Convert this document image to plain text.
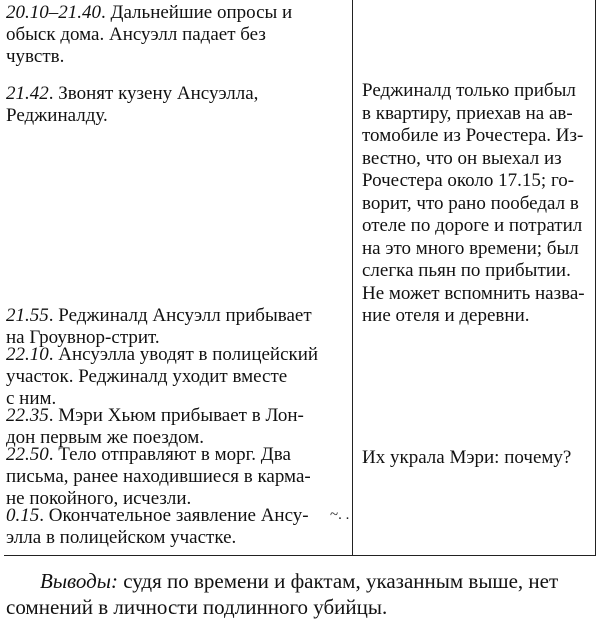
20.10–21.40. Дальнейшие опросы и
обыск дома. Ансуэлл падает без
чувств.
21.42. Звонят кузену Ансуэлла,
Реджиналду.
21.55. Реджиналд Ансуэлл прибывает
на Гроувнор-стрит.
22.10. Ансуэлла уводят в полицейский
участок. Реджиналд уходит вместе
с ним.
22.35. Мэри Хьюм прибывает в Лон-
дон первым же поездом.
22.50. Тело отправляют в морг. Два
письма, ранее находившиеся в карма-
не покойного, исчезли.
0.15. Окончательное заявление Ансу-
элла в полицейском участке.
~. .
Реджиналд только прибыл
в квартиру, приехав на ав-
томобиле из Рочестера. Из-
вестно, что он выехал из
Рочестера около 17.15; го-
ворит, что рано пообедал в
отеле по дороге и потратил
на это много времени; был
слегка пьян по прибытии.
Не может вспомнить назва-
ние отеля и деревни.
Их украла Мэри: почему?
Выводы: судя по времени и фактам, указанным выше, нет
сомнений в личности подлинного убийцы.
